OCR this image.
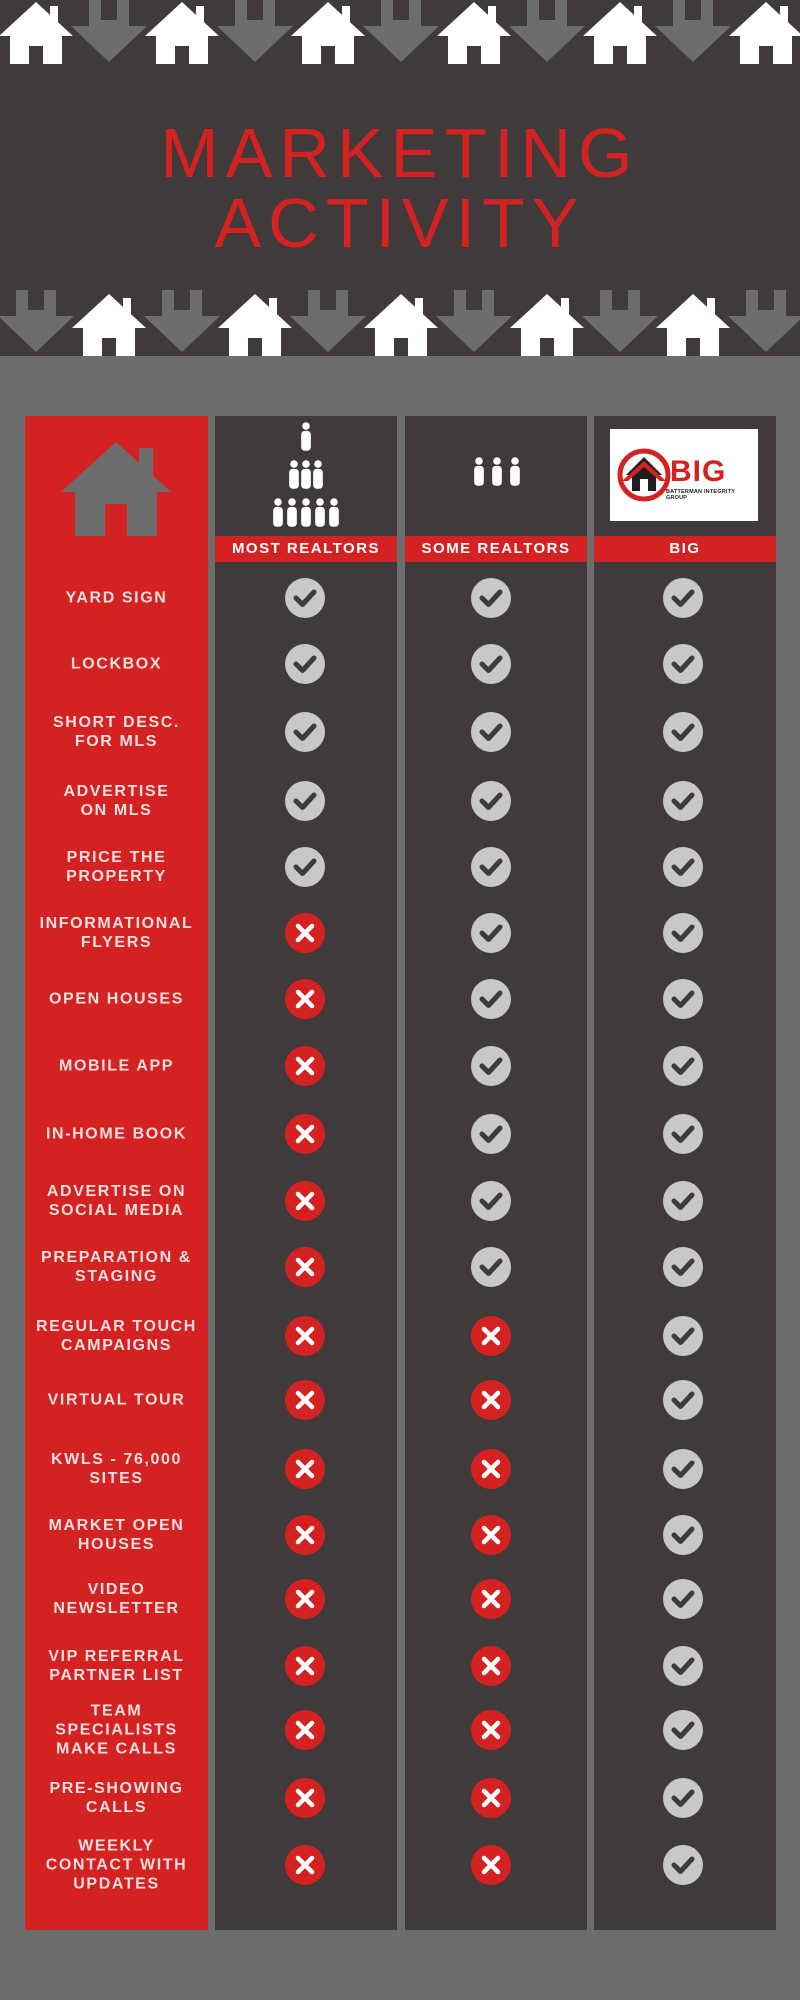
MARKETING
ACTIVITY
YARD SIGN
LOCKBOX
SHORT DESC.
FOR MLS
ADVERTISE
ON MLS
PRICE THE
PROPERTY
INFORMATIONAL
FLYERS
OPEN HOUSES
MOBILE APP
IN-HOME BOOK
ADVERTISE ON
SOCIAL MEDIA
PREPARATION &
STAGING
REGULAR TOUCH
CAMPAIGNS
VIRTUAL TOUR
KWLS - 76,000
SITES
MARKET OPEN
HOUSES
VIDEO
NEWSLETTER
VIP REFERRAL
PARTNER LIST
TEAM
SPECIALISTS
MAKE CALLS
PRE-SHOWING
CALLS
WEEKLY
CONTACT WITH
UPDATES
MOST REALTORS	SOME REALTORS
BIG
BATTERMAN INTEGRITY GROUP
BIG
